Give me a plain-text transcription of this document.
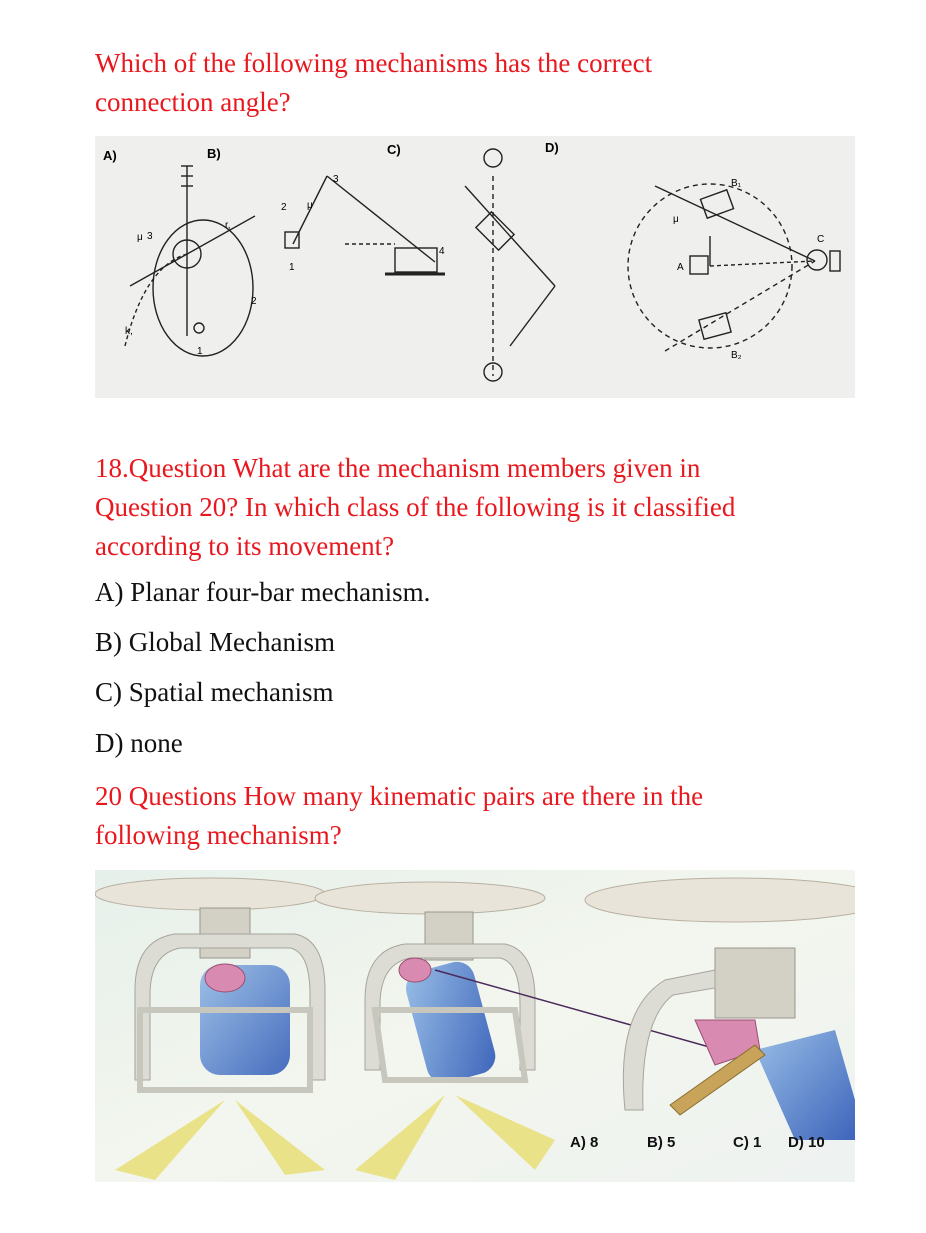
Which of the following mechanisms has the correct

connection angle?

A)	B)	C)	D)
μ 3
k,
1
2
r,
μ
2
3
4
1
μ
B₁
B₂
A
C

18.Question What are the mechanism members given in

Question 20? In which class of the following is it classified

according to its movement?

A) Planar four-bar mechanism.

B) Global Mechanism

C) Spatial mechanism

D) none

20 Questions How many kinematic pairs are there in the

following mechanism?

A) 8	B) 5	C) 1 D) 10
